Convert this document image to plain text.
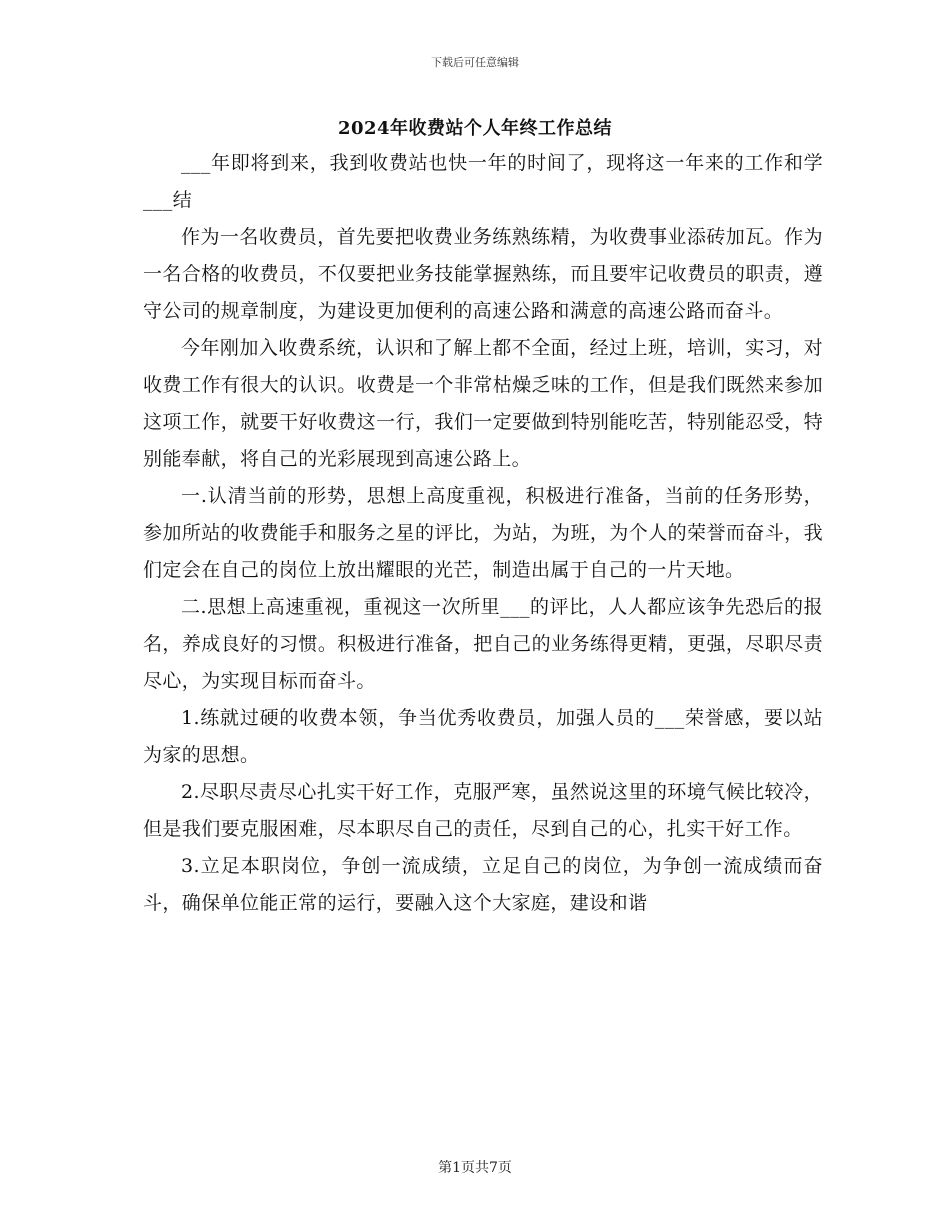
下载后可任意编辑
2024年收费站个人年终工作总结

___年即将到来，我到收费站也快一年的时间了，现将这一年来的工作和学___结

作为一名收费员，首先要把收费业务练熟练精，为收费事业添砖加瓦。作为一名合格的收费员，不仅要把业务技能掌握熟练，而且要牢记收费员的职责，遵守公司的规章制度，为建设更加便利的高速公路和满意的高速公路而奋斗。

今年刚加入收费系统，认识和了解上都不全面，经过上班，培训，实习，对收费工作有很大的认识。收费是一个非常枯燥乏味的工作，但是我们既然来参加这项工作，就要干好收费这一行，我们一定要做到特别能吃苦，特别能忍受，特别能奉献，将自己的光彩展现到高速公路上。

一.认清当前的形势，思想上高度重视，积极进行准备，当前的任务形势，参加所站的收费能手和服务之星的评比，为站，为班，为个人的荣誉而奋斗，我们定会在自己的岗位上放出耀眼的光芒，制造出属于自己的一片天地。

二.思想上高速重视，重视这一次所里___的评比，人人都应该争先恐后的报名，养成良好的习惯。积极进行准备，把自己的业务练得更精，更强，尽职尽责尽心，为实现目标而奋斗。

1.练就过硬的收费本领，争当优秀收费员，加强人员的___荣誉感，要以站为家的思想。

2.尽职尽责尽心扎实干好工作，克服严寒，虽然说这里的环境气候比较冷，但是我们要克服困难，尽本职尽自己的责任，尽到自己的心，扎实干好工作。

3.立足本职岗位，争创一流成绩，立足自己的岗位，为争创一流成绩而奋斗，确保单位能正常的运行，要融入这个大家庭，建设和谐

第1页共7页
